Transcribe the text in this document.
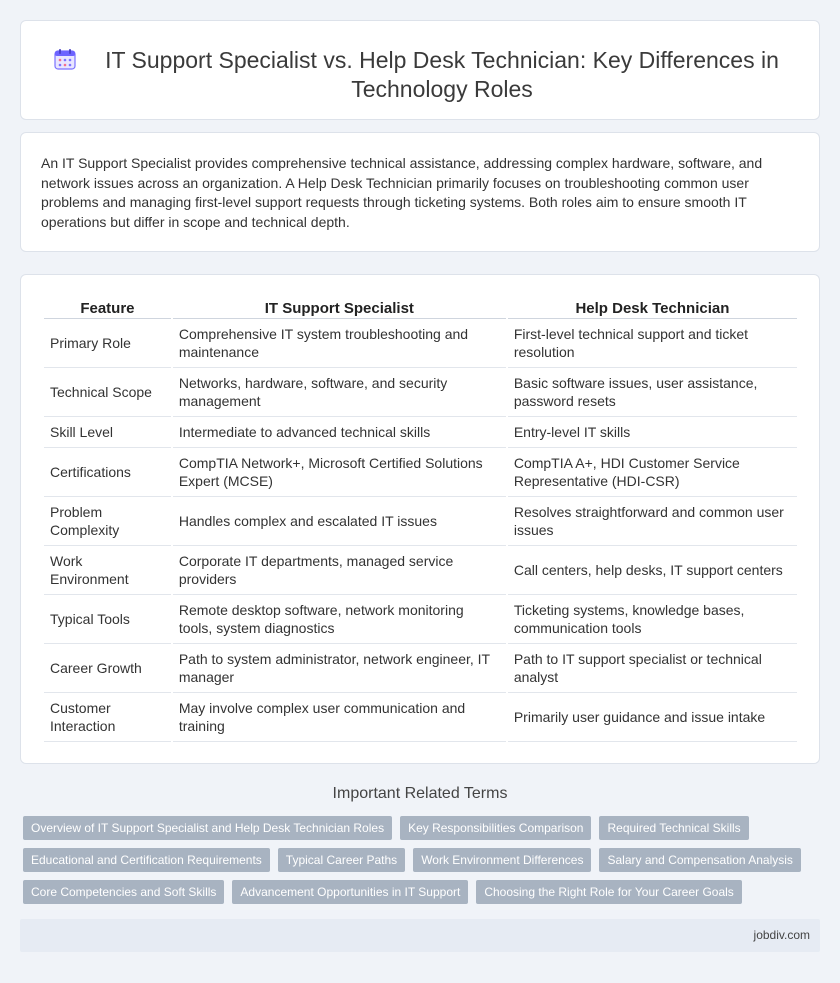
IT Support Specialist vs. Help Desk Technician: Key Differences in Technology Roles

An IT Support Specialist provides comprehensive technical assistance, addressing complex hardware, software, and network issues across an organization. A Help Desk Technician primarily focuses on troubleshooting common user problems and managing first-level support requests through ticketing systems. Both roles aim to ensure smooth IT operations but differ in scope and technical depth.

Feature	IT Support Specialist	Help Desk Technician
Primary Role	Comprehensive IT system troubleshooting and maintenance	First-level technical support and ticket resolution
Technical Scope	Networks, hardware, software, and security management	Basic software issues, user assistance, password resets
Skill Level	Intermediate to advanced technical skills	Entry-level IT skills
Certifications	CompTIA Network+, Microsoft Certified Solutions Expert (MCSE)	CompTIA A+, HDI Customer Service Representative (HDI-CSR)
Problem Complexity	Handles complex and escalated IT issues	Resolves straightforward and common user issues
Work Environment	Corporate IT departments, managed service providers	Call centers, help desks, IT support centers
Typical Tools	Remote desktop software, network monitoring tools, system diagnostics	Ticketing systems, knowledge bases, communication tools
Career Growth	Path to system administrator, network engineer, IT manager	Path to IT support specialist or technical analyst
Customer Interaction	May involve complex user communication and training	Primarily user guidance and issue intake
Important Related Terms
Overview of IT Support Specialist and Help Desk Technician Roles	Key Responsibilities Comparison	Required Technical Skills
Educational and Certification Requirements	Typical Career Paths	Work Environment Differences	Salary and Compensation Analysis
Core Competencies and Soft Skills	Advancement Opportunities in IT Support	Choosing the Right Role for Your Career Goals
jobdiv.com
